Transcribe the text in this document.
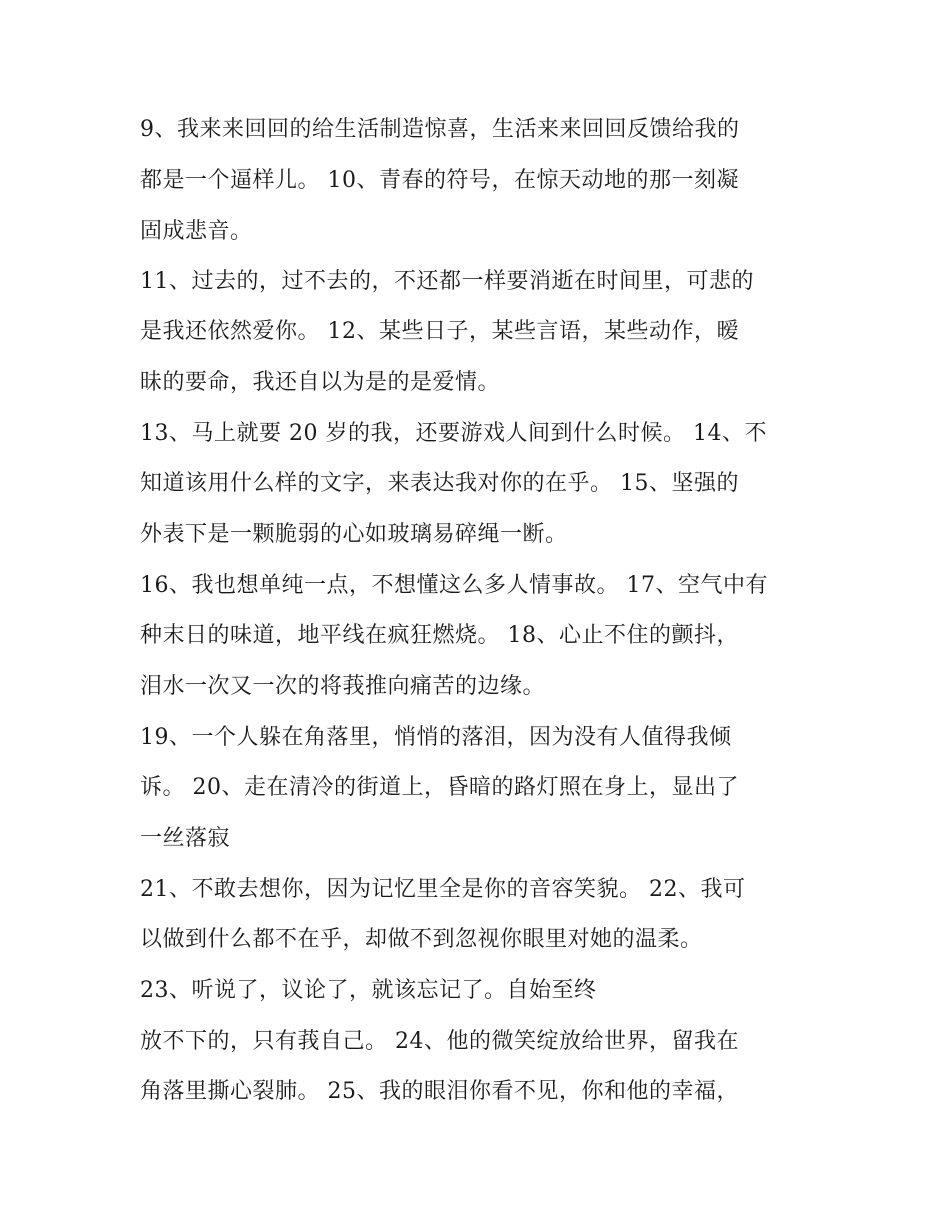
9、我来来回回的给生活制造惊喜，生活来来回回反馈给我的
都是一个逼样儿。 10、青春的符号，在惊天动地的那一刻凝
固成悲音。
11、过去的，过不去的，不还都一样要消逝在时间里，可悲的
是我还依然爱你。 12、某些日子，某些言语，某些动作，暧
昧的要命，我还自以为是的是爱情。
13、马上就要 20 岁的我，还要游戏人间到什么时候。 14、不
知道该用什么样的文字，来表达我对你的在乎。 15、坚强的
外表下是一颗脆弱的心如玻璃易碎绳一断。
16、我也想单纯一点，不想懂这么多人情事故。 17、空气中有
种末日的味道，地平线在疯狂燃烧。 18、心止不住的颤抖，
泪水一次又一次的将莪推向痛苦的边缘。
19、一个人躲在角落里，悄悄的落泪，因为没有人值得我倾
诉。 20、走在清冷的街道上，昏暗的路灯照在身上，显出了
一丝落寂
21、不敢去想你，因为记忆里全是你的音容笑貌。 22、我可
以做到什么都不在乎，却做不到忽视你眼里对她的温柔。
23、听说了，议论了，就该忘记了。自始至终
放不下的，只有莪自己。 24、他的微笑绽放给世界，留我在
角落里撕心裂肺。 25、我的眼泪你看不见，你和他的幸福，
